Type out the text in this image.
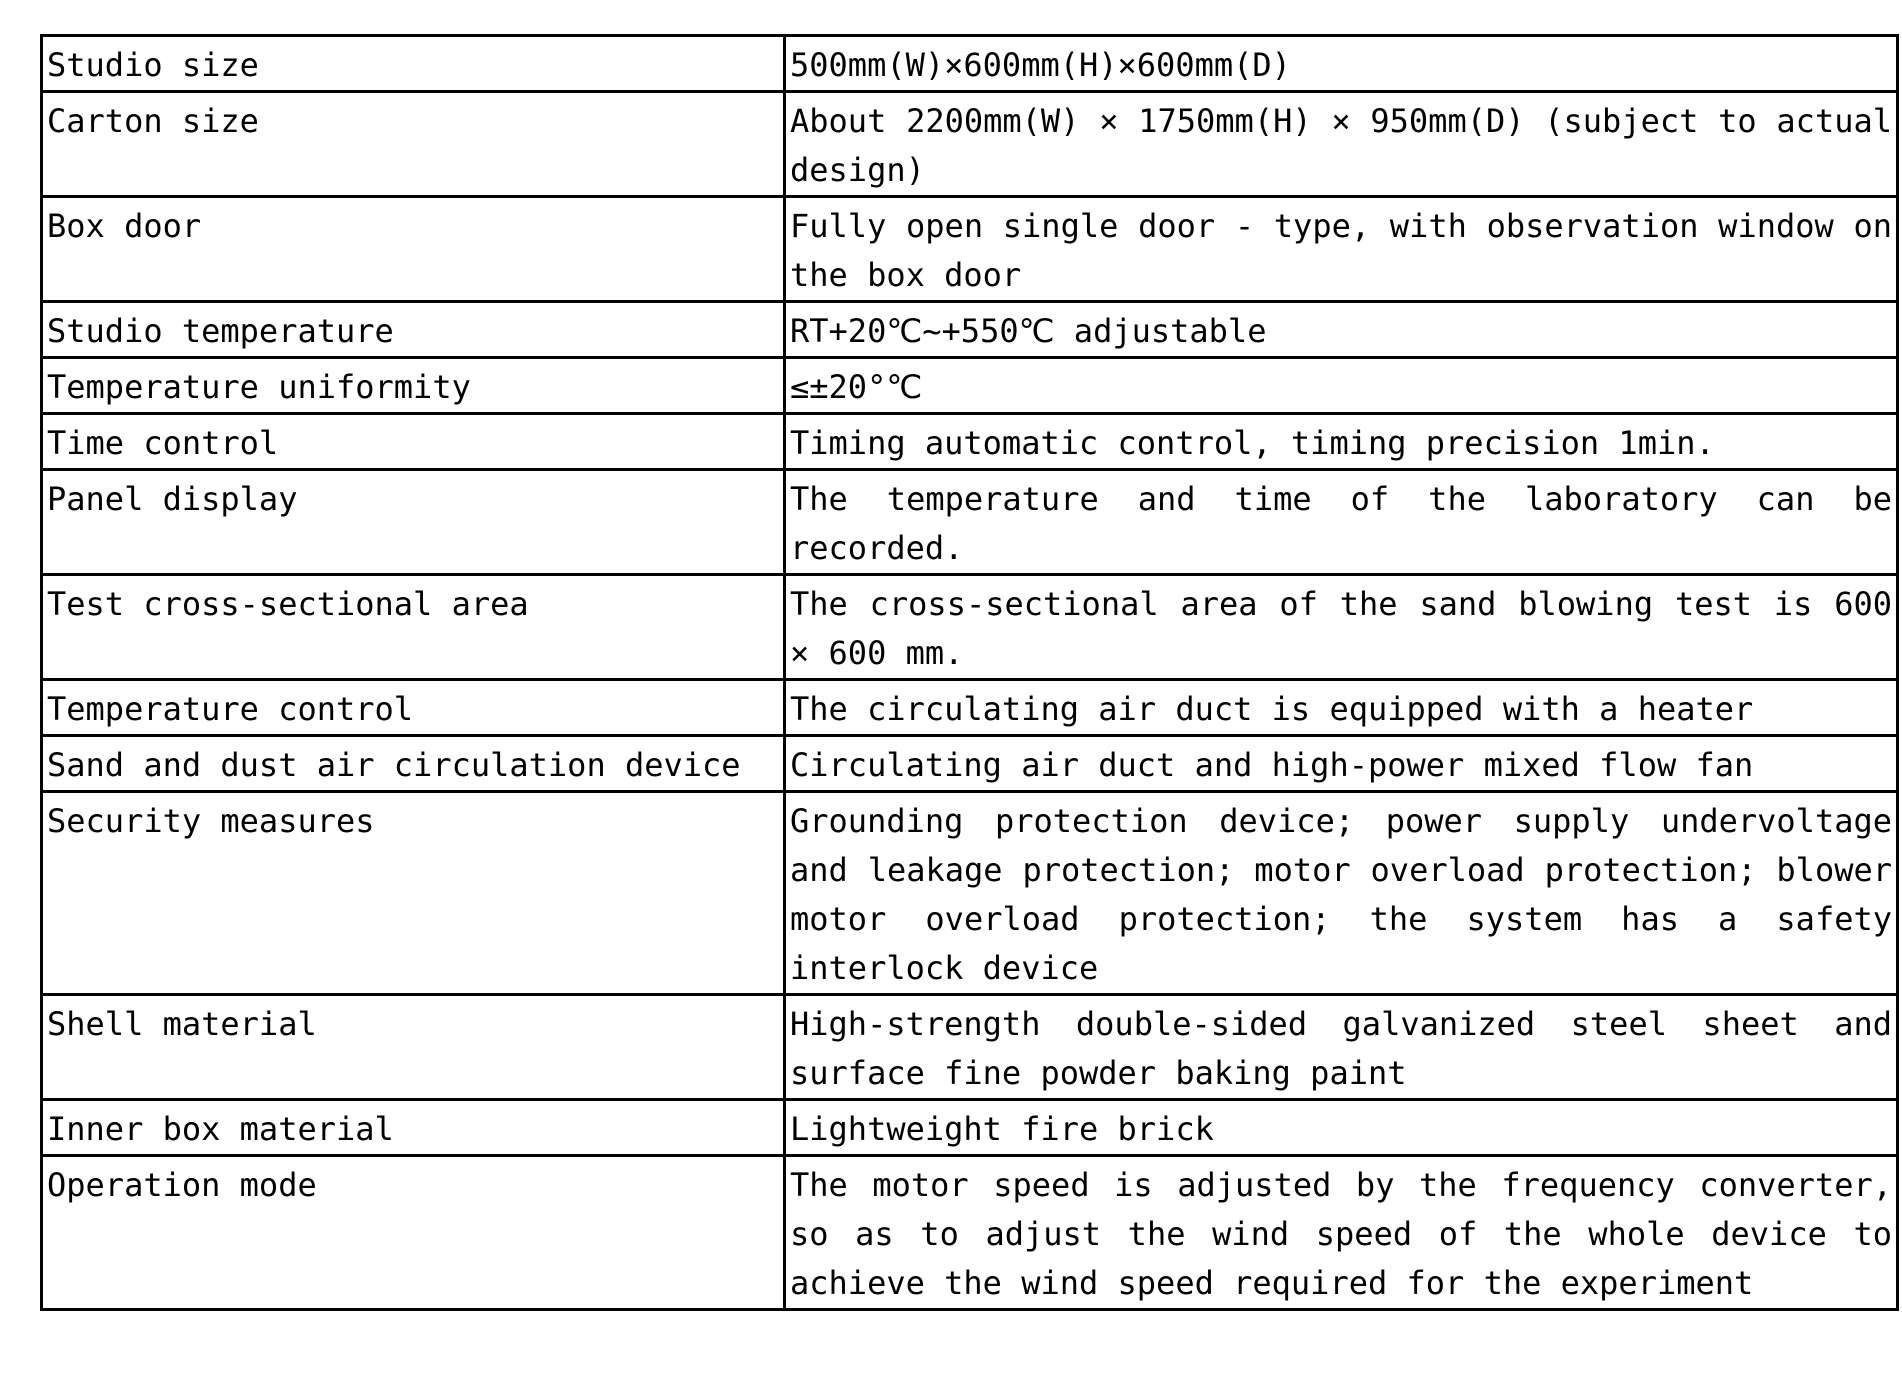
Studio size	500mm(W)×600mm(H)×600mm(D)
Carton size	About 2200mm(W) × 1750mm(H) × 950mm(D) (subject to actual design)
Box door	Fully open single door - type, with observation window on the box door
Studio temperature	RT+20℃~+550℃ adjustable
Temperature uniformity	≤±20°℃
Time control	Timing automatic control, timing precision 1min.
Panel display	The temperature and time of the laboratory can be recorded.
Test cross-sectional area	The cross-sectional area of the sand blowing test is 600 × 600 mm.
Temperature control	The circulating air duct is equipped with a heater
Sand and dust air circulation device	Circulating air duct and high-power mixed flow fan
Security measures	Grounding protection device; power supply undervoltage and leakage protection; motor overload protection; blower motor overload protection; the system has a safety interlock device
Shell material	High-strength double-sided galvanized steel sheet and surface fine powder baking paint
Inner box material	Lightweight fire brick
Operation mode	The motor speed is adjusted by the frequency converter, so as to adjust the wind speed of the whole device to achieve the wind speed required for the experiment
